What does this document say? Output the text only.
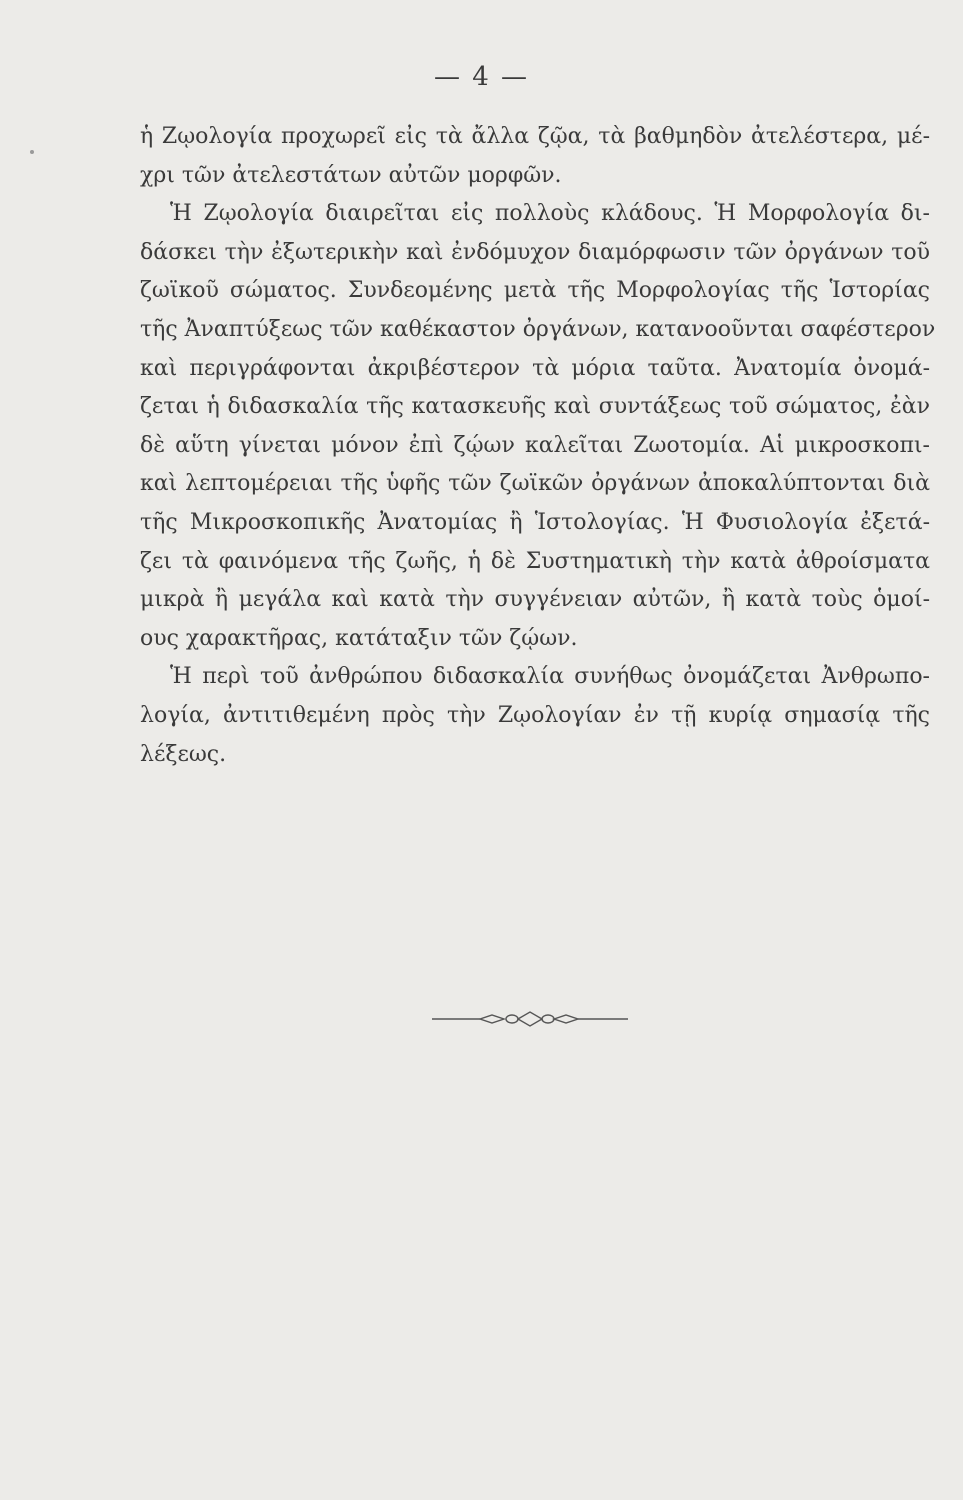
— 4 —
ἡ Ζῳολογία προχωρεῖ εἰς τὰ ἄλλα ζῷα, τὰ βαθμηδὸν ἀτελέστερα, μέ-
χρι τῶν ἀτελεστάτων αὐτῶν μορφῶν.
Ἡ Ζῳολογία διαιρεῖται εἰς πολλοὺς κλάδους. Ἡ Μορφολογία δι-
δάσκει τὴν ἐξωτερικὴν καὶ ἐνδόμυχον διαμόρφωσιν τῶν ὀργάνων τοῦ
ζωϊκοῦ σώματος. Συνδεομένης μετὰ τῆς Μορφολογίας τῆς Ἱστορίας
τῆς Ἀναπτύξεως τῶν καθέκαστον ὀργάνων, κατανοοῦνται σαφέστερον
καὶ περιγράφονται ἀκριβέστερον τὰ μόρια ταῦτα. Ἀνατομία ὀνομά-
ζεται ἡ διδασκαλία τῆς κατασκευῆς καὶ συντάξεως τοῦ σώματος, ἐὰν
δὲ αὕτη γίνεται μόνον ἐπὶ ζῴων καλεῖται Ζωοτομία. Αἱ μικροσκοπι-
καὶ λεπτομέρειαι τῆς ὑφῆς τῶν ζωϊκῶν ὀργάνων ἀποκαλύπτονται διὰ
τῆς Μικροσκοπικῆς Ἀνατομίας ἢ Ἱστολογίας. Ἡ Φυσιολογία ἐξετά-
ζει τὰ φαινόμενα τῆς ζωῆς, ἡ δὲ Συστηματικὴ τὴν κατὰ ἀθροίσματα
μικρὰ ἢ μεγάλα καὶ κατὰ τὴν συγγένειαν αὐτῶν, ἢ κατὰ τοὺς ὁμοί-
ους χαρακτῆρας, κατάταξιν τῶν ζῴων.
Ἡ περὶ τοῦ ἀνθρώπου διδασκαλία συνήθως ὀνομάζεται Ἀνθρωπο-
λογία, ἀντιτιθεμένη πρὸς τὴν Ζῳολογίαν ἐν τῇ κυρίᾳ σημασίᾳ τῆς
λέξεως.
